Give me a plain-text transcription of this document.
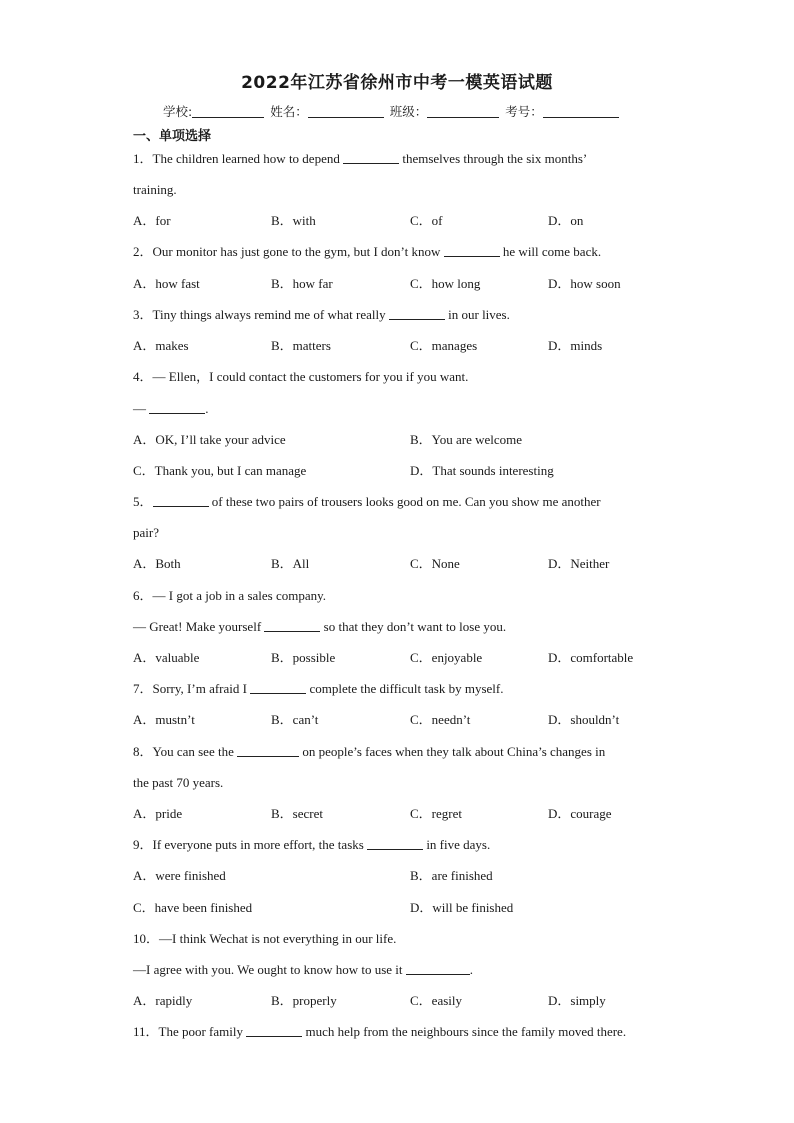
2022年江苏省徐州市中考一模英语试题
学校:	姓名：	班级：	考号：
一、单项选择
1．The children learned how to depend	themselves through the six months’
training.
A．for	B．with	C．of	D．on
2．Our monitor has just gone to the gym, but I don’t know	he will come back.
A．how fast	B．how far	C．how long	D．how soon
3．Tiny things always remind me of what really	in our lives.
A．makes	B．matters	C．manages	D．minds
4．— Ellen，I could contact the customers for you if you want.
—	.
A．OK, I’ll take your advice	B．You are welcome
C．Thank you, but I can manage	D．That sounds interesting
5．	of these two pairs of trousers looks good on me. Can you show me another
pair?
A．Both	B．All	C．None	D．Neither
6．— I got a job in a sales company.
— Great! Make yourself	so that they don’t want to lose you.
A．valuable	B．possible	C．enjoyable	D．comfortable
7．Sorry, I’m afraid I	complete the difficult task by myself.
A．mustn’t	B．can’t	C．needn’t	D．shouldn’t
8．You can see the	on people’s faces when they talk about China’s changes in
the past 70 years.
A．pride	B．secret	C．regret	D．courage
9．If everyone puts in more effort, the tasks	in five days.
A．were finished	B．are finished
C．have been finished	D．will be finished
10．—I think Wechat is not everything in our life.
—I agree with you. We ought to know how to use it	.
A．rapidly	B．properly	C．easily	D．simply
11．The poor family	much help from the neighbours since the family moved there.
